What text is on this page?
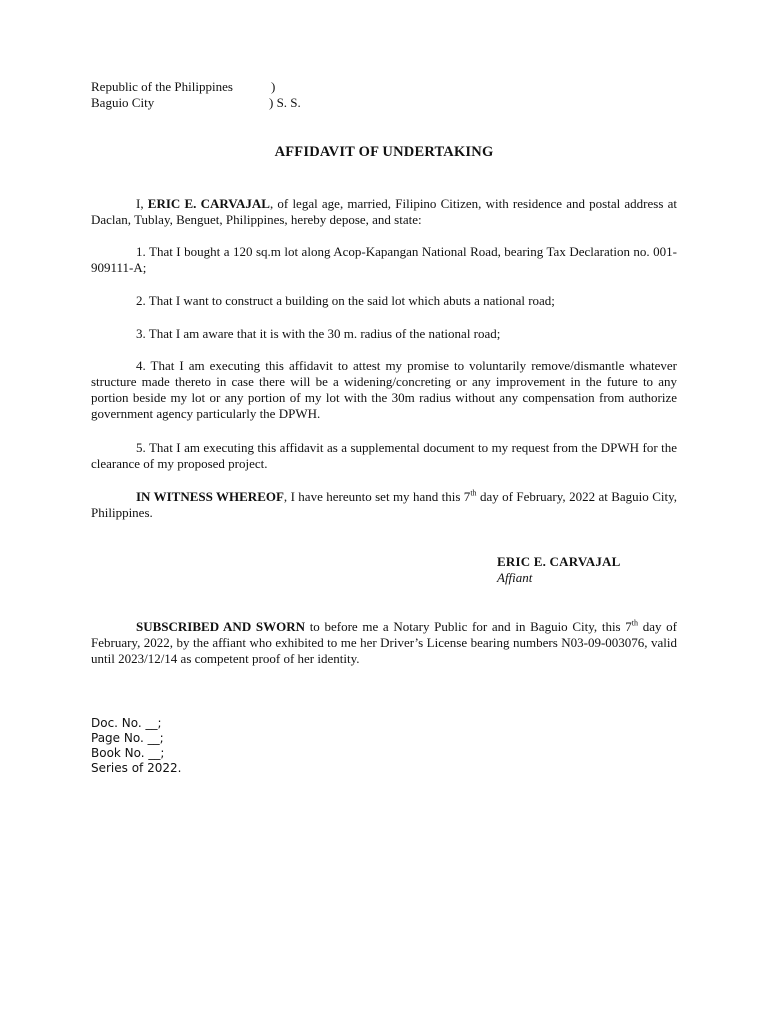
Republic of the Philippines	)
Baguio City	) S. S.
AFFIDAVIT OF UNDERTAKING

I, ERIC E. CARVAJAL, of legal age, married, Filipino Citizen, with residence and postal address at Daclan, Tublay, Benguet, Philippines, hereby depose, and state:

1. That I bought a 120 sq.m lot along Acop-Kapangan National Road, bearing Tax Declaration no. 001-909111-A;

2. That I want to construct a building on the said lot which abuts a national road;

3. That I am aware that it is with the 30 m. radius of the national road;

4. That I am executing this affidavit to attest my promise to voluntarily remove/dismantle whatever structure made thereto in case there will be a widening/concreting or any improvement in the future to any portion beside my lot or any portion of my lot with the 30m radius without any compensation from authorize government agency particularly the DPWH.

5. That I am executing this affidavit as a supplemental document to my request from the DPWH for the clearance of my proposed project.

IN WITNESS WHEREOF, I have hereunto set my hand this 7th day of February, 2022 at Baguio City, Philippines.

ERIC E. CARVAJAL
Affiant

SUBSCRIBED AND SWORN to before me a Notary Public for and in Baguio City, this 7th day of February, 2022, by the affiant who exhibited to me her Driver’s License bearing numbers N03-09-003076, valid until 2023/12/14 as competent proof of her identity.

Doc. No. __;
Page No. __;
Book No. __;
Series of 2022.
